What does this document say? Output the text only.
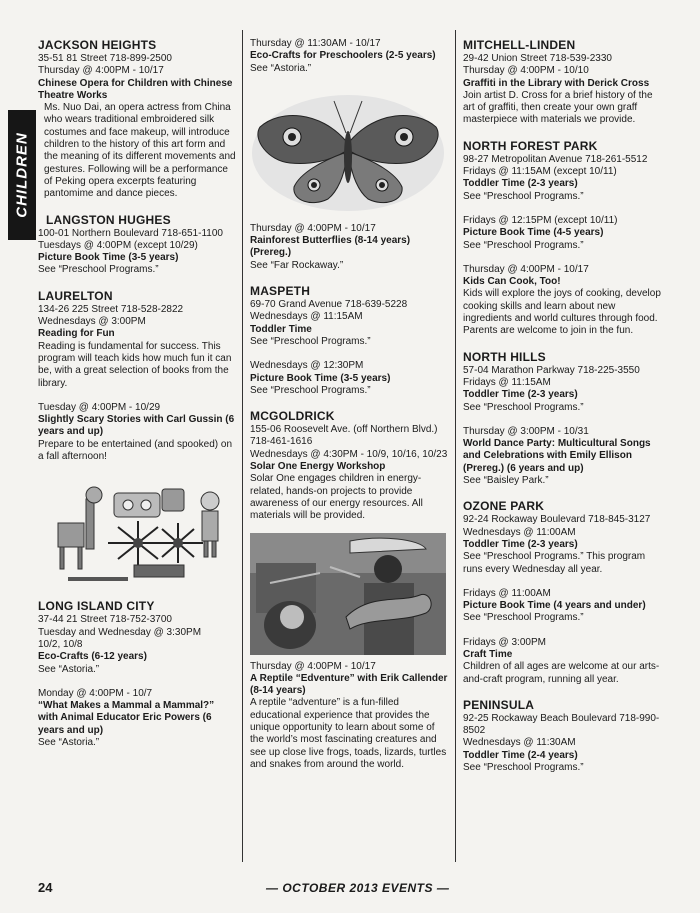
CHILDREN

JACKSON HEIGHTS

35-51 81 Street 718-899-2500

Thursday @ 4:00PM - 10/17

Chinese Opera for Children with Chinese Theatre Works

Ms. Nuo Dai, an opera actress from China who wears traditional embroidered silk costumes and face makeup, will introduce children to the history of this art form and the meaning of its different movements and gestures. Following will be a performance of Peking opera excerpts featuring pantomime and dance pieces.

LANGSTON HUGHES

100-01 Northern Boulevard 718-651-1100

Tuesdays @ 4:00PM (except 10/29)

Picture Book Time (3-5 years)

See “Preschool Programs.”

LAURELTON

134-26 225 Street 718-528-2822

Wednesdays @ 3:00PM

Reading for Fun

Reading is fundamental for success. This program will teach kids how much fun it can be, with a great selection of books from the library.

Tuesday @ 4:00PM - 10/29

Slightly Scary Stories with Carl Gussin (6 years and up)

Prepare to be entertained (and spooked) on a fall afternoon!

LONG ISLAND CITY

37-44 21 Street 718-752-3700

Tuesday and Wednesday @ 3:30PM

10/2, 10/8

Eco-Crafts (6-12 years)

See “Astoria.”

Monday @ 4:00PM - 10/7

“What Makes a Mammal a Mammal?” with Animal Educator Eric Powers (6 years and up)

See “Astoria.”

Thursday @ 11:30AM - 10/17

Eco-Crafts for Preschoolers (2-5 years)

See “Astoria.”

Thursday @ 4:00PM - 10/17

Rainforest Butterflies (8-14 years) (Prereg.)

See “Far Rockaway.”

MASPETH

69-70 Grand Avenue 718-639-5228

Wednesdays @ 11:15AM

Toddler Time

See “Preschool Programs.”

Wednesdays @ 12:30PM

Picture Book Time (3-5 years)

See “Preschool Programs.”

MCGOLDRICK

155-06 Roosevelt Ave. (off Northern Blvd.) 718-461-1616

Wednesdays @ 4:30PM - 10/9, 10/16, 10/23

Solar One Energy Workshop

Solar One engages children in energy-related, hands-on projects to provide awareness of our energy resources. All materials will be provided.

Thursday @ 4:00PM - 10/17

A Reptile “Edventure” with Erik Callender (8-14 years)

A reptile “adventure” is a fun-filled educational experience that provides the unique opportunity to learn about some of the world’s most fascinating creatures and see up close live frogs, toads, lizards, turtles and snakes from around the world.

MITCHELL-LINDEN

29-42 Union Street 718-539-2330

Thursday @ 4:00PM - 10/10

Graffiti in the Library with Derick Cross

Join artist D. Cross for a brief history of the art of graffiti, then create your own graff masterpiece with materials we provide.

NORTH FOREST PARK

98-27 Metropolitan Avenue 718-261-5512

Fridays @ 11:15AM (except 10/11)

Toddler Time (2-3 years)

See “Preschool Programs.”

Fridays @ 12:15PM (except 10/11)

Picture Book Time (4-5 years)

See “Preschool Programs.”

Thursday @ 4:00PM - 10/17

Kids Can Cook, Too!

Kids will explore the joys of cooking, develop cooking skills and learn about new ingredients and world cultures through food. Parents are welcome to join in the fun.

NORTH HILLS

57-04 Marathon Parkway 718-225-3550

Fridays @ 11:15AM

Toddler Time (2-3 years)

See “Preschool Programs.”

Thursday @ 3:00PM - 10/31

World Dance Party: Multicultural Songs and Celebrations with Emily Ellison (Prereg.) (6 years and up)

See “Baisley Park.”

OZONE PARK

92-24 Rockaway Boulevard 718-845-3127

Wednesdays @ 11:00AM

Toddler Time (2-3 years)

See “Preschool Programs.” This program runs every Wednesday all year.

Fridays @ 11:00AM

Picture Book Time (4 years and under)

See “Preschool Programs.”

Fridays @ 3:00PM

Craft Time

Children of all ages are welcome at our arts-and-craft program, running all year.

PENINSULA

92-25 Rockaway Beach Boulevard 718-990-8502

Wednesdays @ 11:30AM

Toddler Time (2-4 years)

See “Preschool Programs.”

24	— OCTOBER 2013 EVENTS —
